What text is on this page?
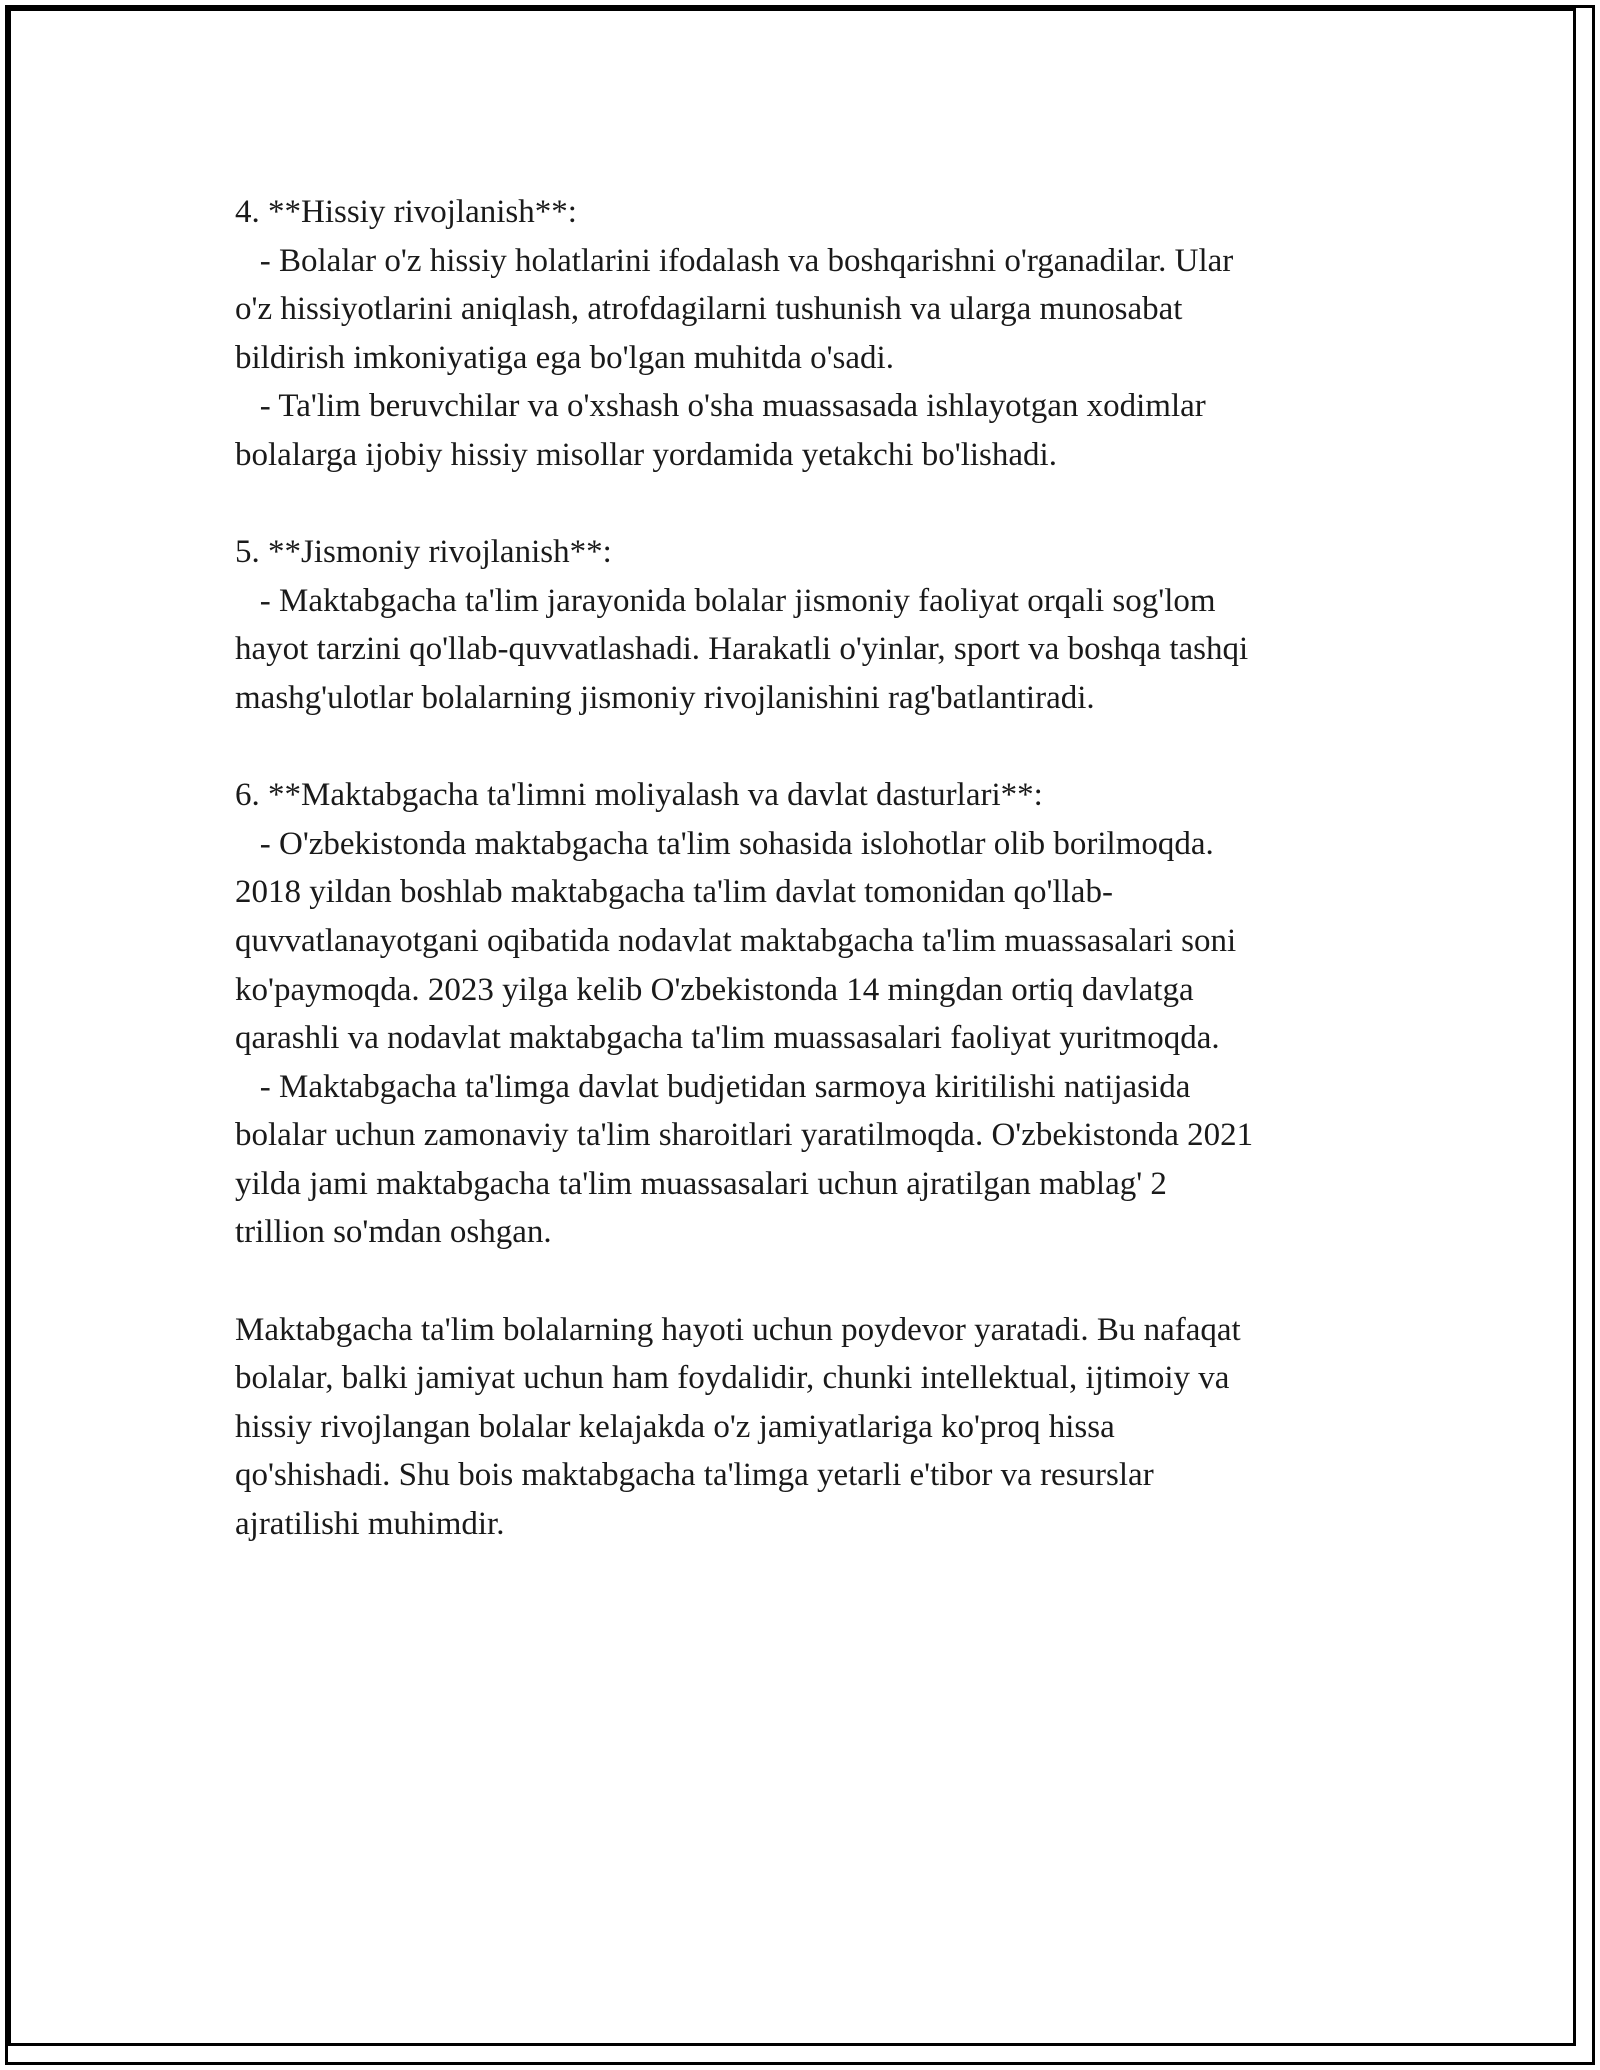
4. **Hissiy rivojlanish**:
- Bolalar o'z hissiy holatlarini ifodalash va boshqarishni o'rganadilar. Ular
o'z hissiyotlarini aniqlash, atrofdagilarni tushunish va ularga munosabat
bildirish imkoniyatiga ega bo'lgan muhitda o'sadi.
- Ta'lim beruvchilar va o'xshash o'sha muassasada ishlayotgan xodimlar
bolalarga ijobiy hissiy misollar yordamida yetakchi bo'lishadi.
5. **Jismoniy rivojlanish**:
- Maktabgacha ta'lim jarayonida bolalar jismoniy faoliyat orqali sog'lom
hayot tarzini qo'llab-quvvatlashadi. Harakatli o'yinlar, sport va boshqa tashqi
mashg'ulotlar bolalarning jismoniy rivojlanishini rag'batlantiradi.
6. **Maktabgacha ta'limni moliyalash va davlat dasturlari**:
- O'zbekistonda maktabgacha ta'lim sohasida islohotlar olib borilmoqda.
2018 yildan boshlab maktabgacha ta'lim davlat tomonidan qo'llab-
quvvatlanayotgani oqibatida nodavlat maktabgacha ta'lim muassasalari soni
ko'paymoqda. 2023 yilga kelib O'zbekistonda 14 mingdan ortiq davlatga
qarashli va nodavlat maktabgacha ta'lim muassasalari faoliyat yuritmoqda.
- Maktabgacha ta'limga davlat budjetidan sarmoya kiritilishi natijasida
bolalar uchun zamonaviy ta'lim sharoitlari yaratilmoqda. O'zbekistonda 2021
yilda jami maktabgacha ta'lim muassasalari uchun ajratilgan mablag' 2
trillion so'mdan oshgan.
Maktabgacha ta'lim bolalarning hayoti uchun poydevor yaratadi. Bu nafaqat
bolalar, balki jamiyat uchun ham foydalidir, chunki intellektual, ijtimoiy va
hissiy rivojlangan bolalar kelajakda o'z jamiyatlariga ko'proq hissa
qo'shishadi. Shu bois maktabgacha ta'limga yetarli e'tibor va resurslar
ajratilishi muhimdir.
